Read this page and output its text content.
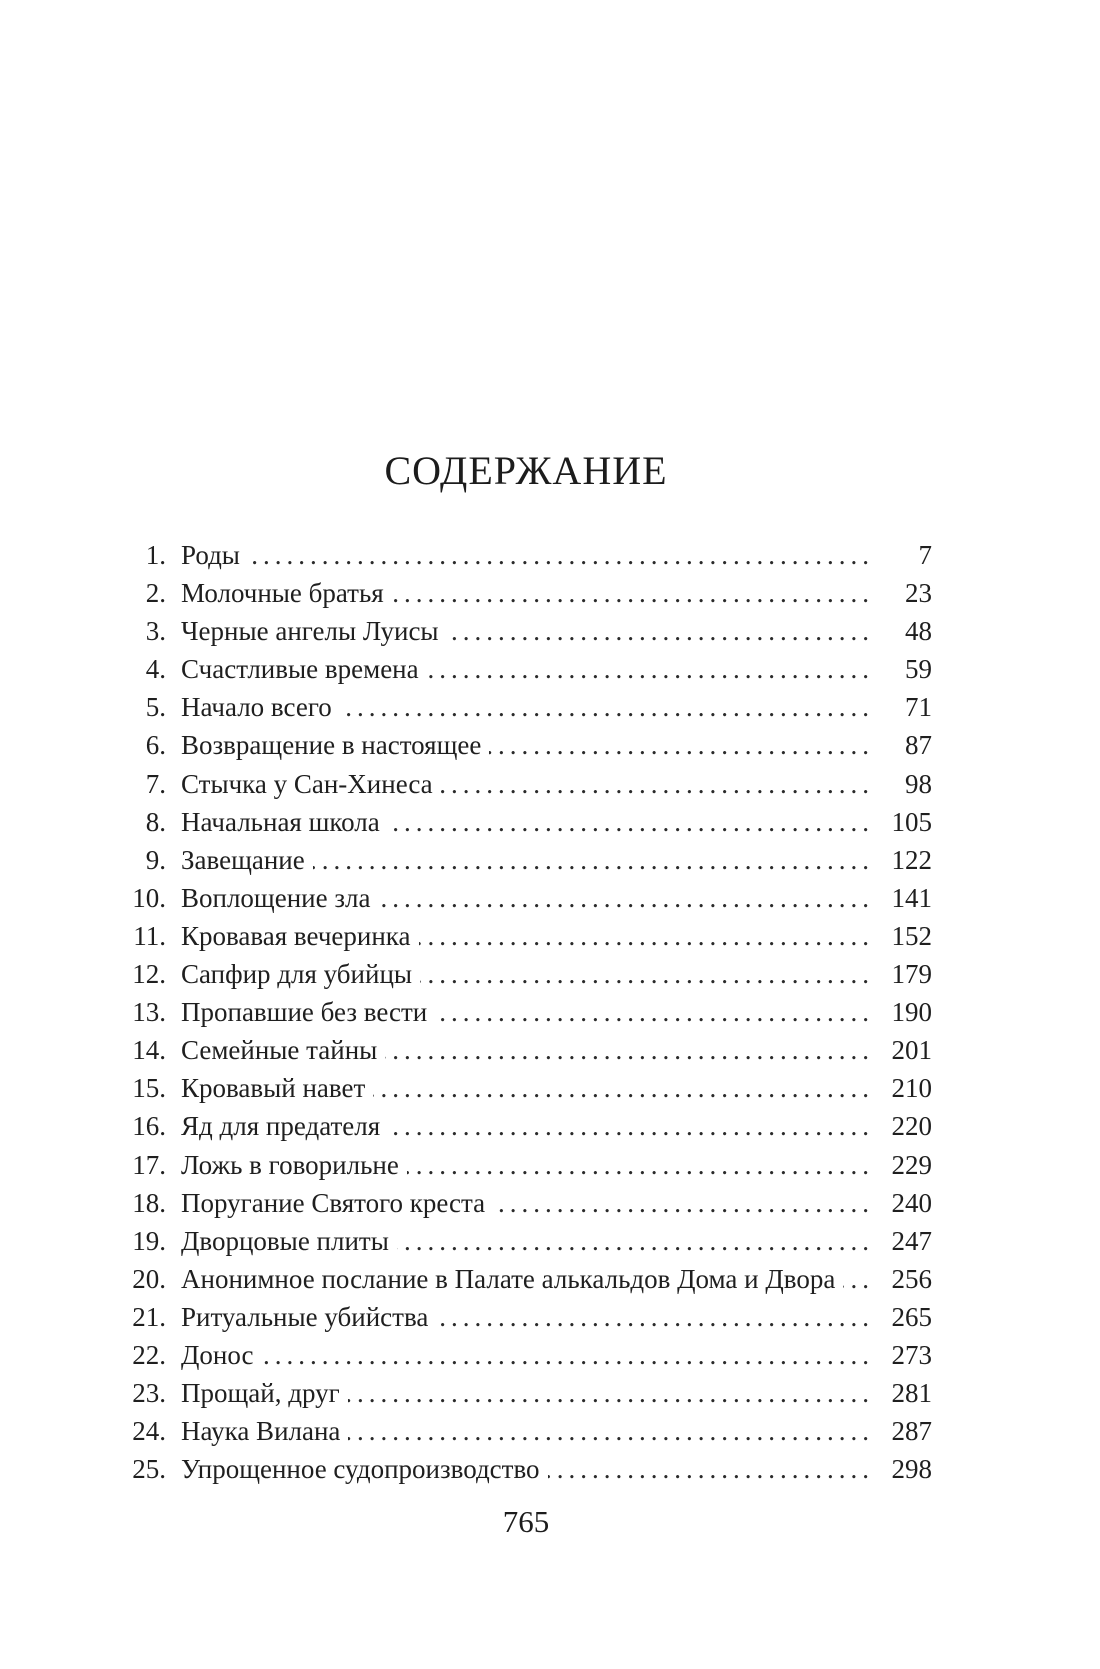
СОДЕРЖАНИЕ
1. Роды .....	7
2. Молочные братья .....	23
3. Черные ангелы Луисы .....	48
4. Счастливые времена .....	59
5. Начало всего .....	71
6. Возвращение в настоящее .....	87
7. Стычка у Сан-Хинеса .....	98
8. Начальная школа .....	105
9. Завещание .....	122
10. Воплощение зла .....	141
11. Кровавая вечеринка .....	152
12. Сапфир для убийцы .....	179
13. Пропавшие без вести .....	190
14. Семейные тайны .....	201
15. Кровавый навет .....	210
16. Яд для предателя .....	220
17. Ложь в говорильне .....	229
18. Поругание Святого креста .....	240
19. Дворцовые плиты .....	247
20. Анонимное послание в Палате алькальдов Дома и Двора .....	256
21. Ритуальные убийства .....	265
22. Донос .....	273
23. Прощай, друг .....	281
24. Наука Вилана .....	287
25. Упрощенное судопроизводство .....	298
765
